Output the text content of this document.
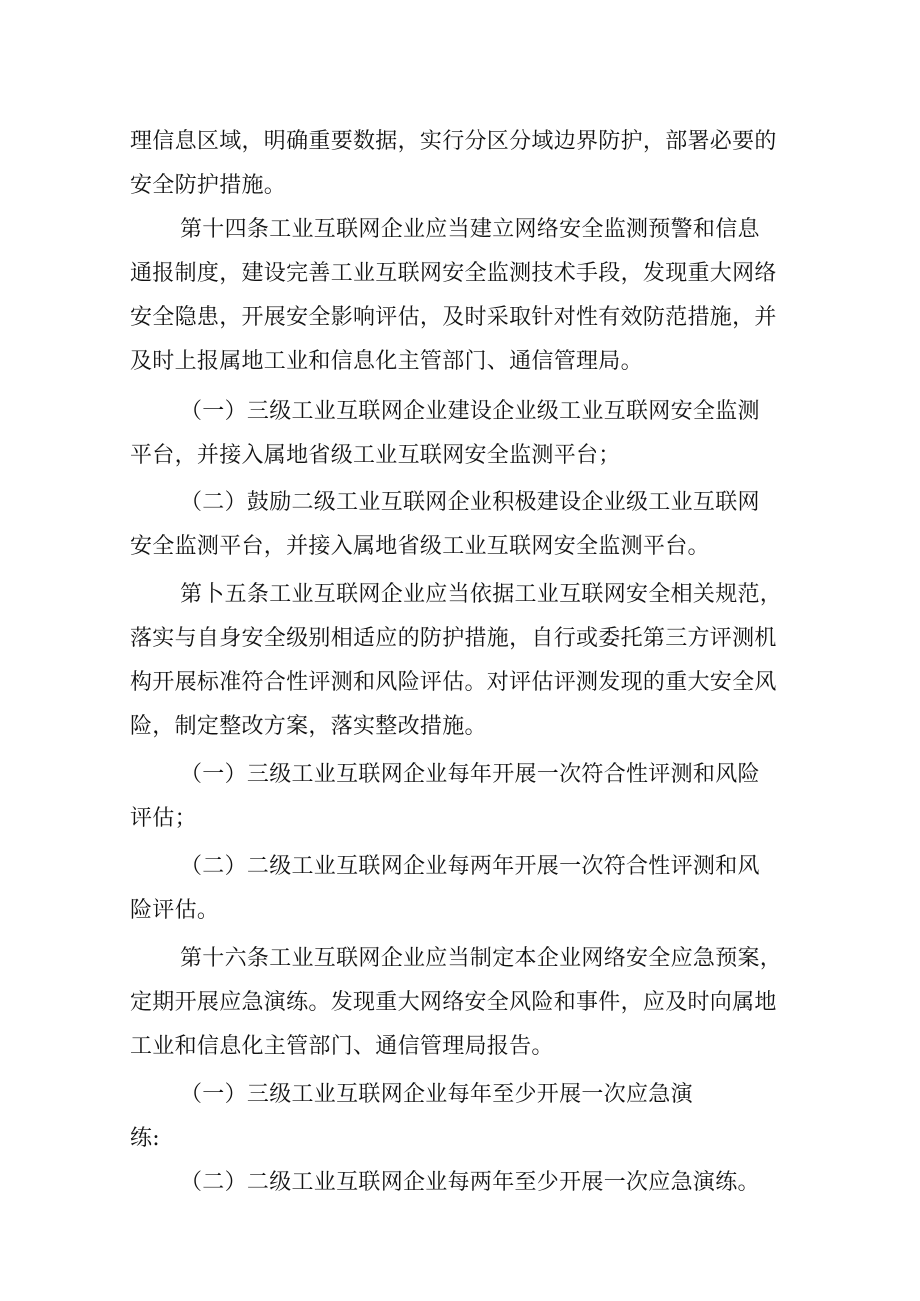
理信息区域，明确重要数据，实行分区分域边界防护，部署必要的
安全防护措施。
第十四条工业互联网企业应当建立网络安全监测预警和信息
通报制度，建设完善工业互联网安全监测技术手段，发现重大网络
安全隐患，开展安全影响评估，及时采取针对性有效防范措施，并
及时上报属地工业和信息化主管部门、通信管理局。
（一）三级工业互联网企业建设企业级工业互联网安全监测
平台，并接入属地省级工业互联网安全监测平台；
（二）鼓励二级工业互联网企业积极建设企业级工业互联网
安全监测平台，并接入属地省级工业互联网安全监测平台。
第卜五条工业互联网企业应当依据工业互联网安全相关规范，
落实与自身安全级别相适应的防护措施，自行或委托第三方评测机
构开展标准符合性评测和风险评估。对评估评测发现的重大安全风
险，制定整改方案，落实整改措施。
（一）三级工业互联网企业每年开展一次符合性评测和风险
评估；
（二）二级工业互联网企业每两年开展一次符合性评测和风
险评估。
第十六条工业互联网企业应当制定本企业网络安全应急预案，
定期开展应急演练。发现重大网络安全风险和事件，应及时向属地
工业和信息化主管部门、通信管理局报告。
（一）三级工业互联网企业每年至少开展一次应急演
练:
（二）二级工业互联网企业每两年至少开展一次应急演练。
